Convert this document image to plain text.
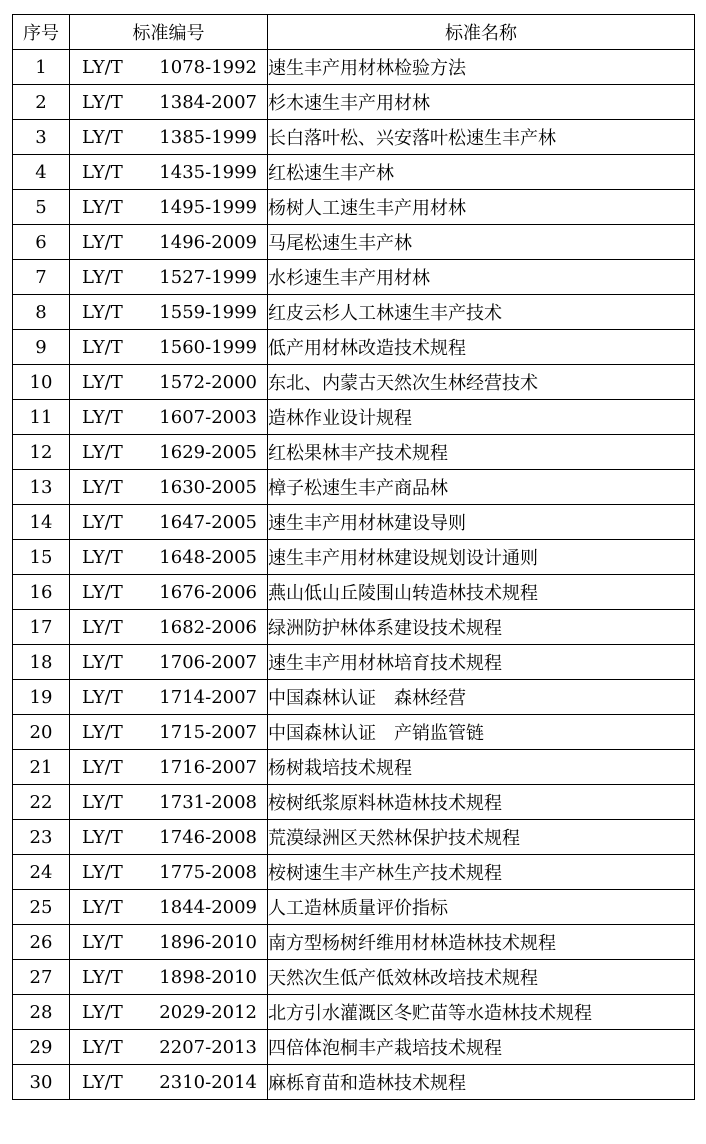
序号	标准编号	标准名称
1	LY/T 1078-1992	速生丰产用材林检验方法
2	LY/T 1384-2007	杉木速生丰产用材林
3	LY/T 1385-1999	长白落叶松、兴安落叶松速生丰产林
4	LY/T 1435-1999	红松速生丰产林
5	LY/T 1495-1999	杨树人工速生丰产用材林
6	LY/T 1496-2009	马尾松速生丰产林
7	LY/T 1527-1999	水杉速生丰产用材林
8	LY/T 1559-1999	红皮云杉人工林速生丰产技术
9	LY/T 1560-1999	低产用材林改造技术规程
10	LY/T 1572-2000	东北、内蒙古天然次生林经营技术
11	LY/T 1607-2003	造林作业设计规程
12	LY/T 1629-2005	红松果林丰产技术规程
13	LY/T 1630-2005	樟子松速生丰产商品林
14	LY/T 1647-2005	速生丰产用材林建设导则
15	LY/T 1648-2005	速生丰产用材林建设规划设计通则
16	LY/T 1676-2006	燕山低山丘陵围山转造林技术规程
17	LY/T 1682-2006	绿洲防护林体系建设技术规程
18	LY/T 1706-2007	速生丰产用材林培育技术规程
19	LY/T 1714-2007	中国森林认证　森林经营
20	LY/T 1715-2007	中国森林认证　产销监管链
21	LY/T 1716-2007	杨树栽培技术规程
22	LY/T 1731-2008	桉树纸浆原料林造林技术规程
23	LY/T 1746-2008	荒漠绿洲区天然林保护技术规程
24	LY/T 1775-2008	桉树速生丰产林生产技术规程
25	LY/T 1844-2009	人工造林质量评价指标
26	LY/T 1896-2010	南方型杨树纤维用材林造林技术规程
27	LY/T 1898-2010	天然次生低产低效林改培技术规程
28	LY/T 2029-2012	北方引水灌溉区冬贮苗等水造林技术规程
29	LY/T 2207-2013	四倍体泡桐丰产栽培技术规程
30	LY/T 2310-2014	麻栎育苗和造林技术规程
